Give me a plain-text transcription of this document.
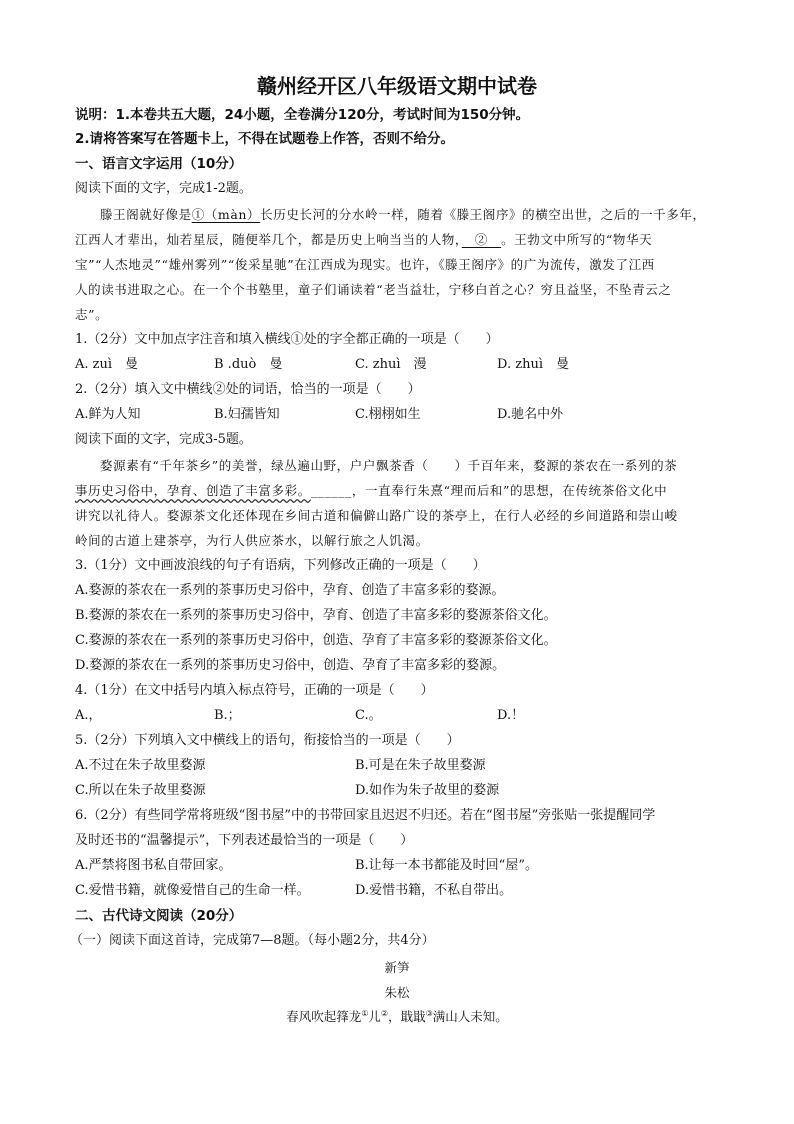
赣州经开区八年级语文期中试卷
说明：1.本卷共五大题，24小题，全卷满分120分，考试时间为150分钟。
2.请将答案写在答题卡上，不得在试题卷上作答，否则不给分。
一、语言文字运用（10分）
阅读下面的文字，完成1-2题。
滕王阁就好像是①（màn）长历史长河的分水岭一样，随着《滕王阁序》的横空出世，之后的一千多年，
江西人才辈出，灿若星辰，随便举几个，都是历史上响当当的人物，　②　。王勃文中所写的“物华天
宝”“人杰地灵”“雄州雾列”“俊采星驰”在江西成为现实。也许，《滕王阁序》的广为流传，激发了江西
人的读书进取之心。在一个个书塾里，童子们诵读着“老当益壮，宁移白首之心？穷且益坚，不坠青云之
志”。
1.（2分）文中加点字注音和填入横线①处的字全都正确的一项是（　　）
A. zuì　曼	B .duò　曼	C. zhuì　漫	D. zhuì　曼
2.（2分）填入文中横线②处的词语，恰当的一项是（　　）
A.鲜为人知	B.妇孺皆知	C.栩栩如生	D.驰名中外
阅读下面的文字，完成3-5题。
婺源素有“千年茶乡”的美誉，绿丛遍山野，户户飘茶香（　　）千百年来，婺源的茶农在一系列的茶
事历史习俗中，孕育、创造了丰富多彩。______，一直奉行朱熹“理而后和”的思想，在传统茶俗文化中
讲究以礼待人。婺源茶文化还体现在乡间古道和偏僻山路广设的茶亭上，在行人必经的乡间道路和崇山峻
岭间的古道上建茶亭，为行人供应茶水，以解行旅之人饥渴。
3.（1分）文中画波浪线的句子有语病，下列修改正确的一项是（　　）
A.婺源的茶农在一系列的茶事历史习俗中，孕育、创造了丰富多彩的婺源。
B.婺源的茶农在一系列的茶事历史习俗中，孕育、创造了丰富多彩的婺源茶俗文化。
C.婺源的茶农在一系列的茶事历史习俗中，创造、孕育了丰富多彩的婺源茶俗文化。
D.婺源的茶农在一系列的茶事历史习俗中，创造、孕育了丰富多彩的婺源。
4.（1分）在文中括号内填入标点符号，正确的一项是（　　）
A.，	B.；	C.。	D.！
5.（2分）下列填入文中横线上的语句，衔接恰当的一项是（　　）
A.不过在朱子故里婺源	B.可是在朱子故里婺源
C.所以在朱子故里婺源	D.如作为朱子故里的婺源
6.（2分）有些同学常将班级“图书屋”中的书带回家且迟迟不归还。若在“图书屋”旁张贴一张提醒同学
及时还书的“温馨提示”，下列表述最恰当的一项是（　　）
A.严禁将图书私自带回家。	B.让每一本书都能及时回“屋”。
C.爱惜书籍，就像爱惜自己的生命一样。	D.爱惜书籍，不私自带出。
二、古代诗文阅读（20分）
（一）阅读下面这首诗，完成第7—8题。（每小题2分，共4分）
新笋
朱松
春风吹起箨龙①儿②，戢戢③满山人未知。
